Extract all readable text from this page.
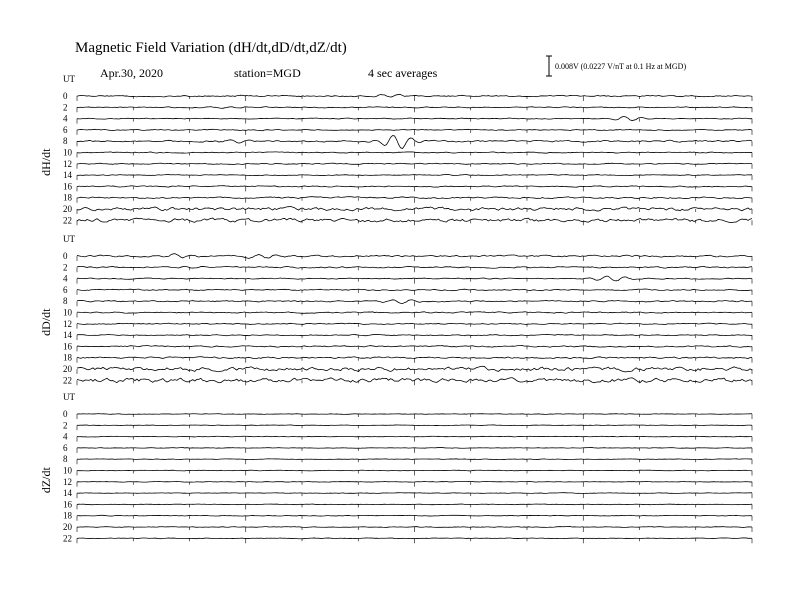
Magnetic Field Variation (dH/dt,dD/dt,dZ/dt)
Apr.30, 2020	station=MGD	4 sec averages	0.008V (0.0227 V/nT at 0.1 Hz at MGD)
UT
dH/dt
0
2
4
6
8
10
12
14
16
18
20
22
UT
dD/dt
0
2
4
6
8
10
12
14
16
18
20
22
UT
dZ/dt
0
2
4
6
8
10
12
14
16
18
20
22
